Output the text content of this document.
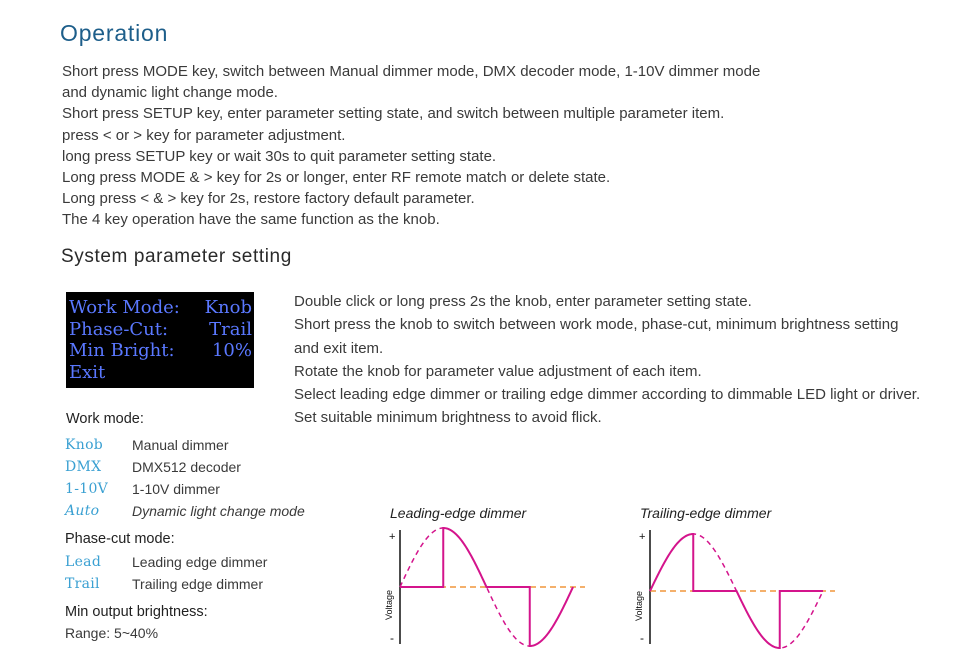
Operation
Short press MODE key, switch between Manual dimmer mode, DMX decoder mode, 1-10V dimmer mode
and dynamic light change mode.
Short press SETUP key, enter parameter setting state, and switch between multiple parameter item.
press < or > key for parameter adjustment.
long press SETUP key or wait 30s to quit parameter setting state.
Long press MODE & > key for 2s or longer, enter RF remote match or delete state.
Long press < & > key for 2s, restore factory default parameter.
The 4 key operation have the same function as the knob.
System parameter setting
Work Mode: Knob
Phase-Cut: Trail
Min Bright: 10%
Exit
Double click or long press 2s the knob, enter parameter setting state.
Short press the knob to switch between work mode, phase-cut, minimum brightness setting
and exit item.
Rotate the knob for parameter value adjustment of each item.
Select leading edge dimmer or trailing edge dimmer according to dimmable LED light or driver.
Set suitable minimum brightness to avoid flick.
Work mode:
Knob	Manual dimmer
DMX	DMX512 decoder
1-10V	1-10V dimmer
Auto	Dynamic light change mode
Phase-cut mode:
Lead	Leading edge dimmer
Trail	Trailing edge dimmer
Min output brightness:
Range: 5~40%
Leading-edge dimmer
+
-
Voltage
Trailing-edge dimmer
+
-
Voltage
